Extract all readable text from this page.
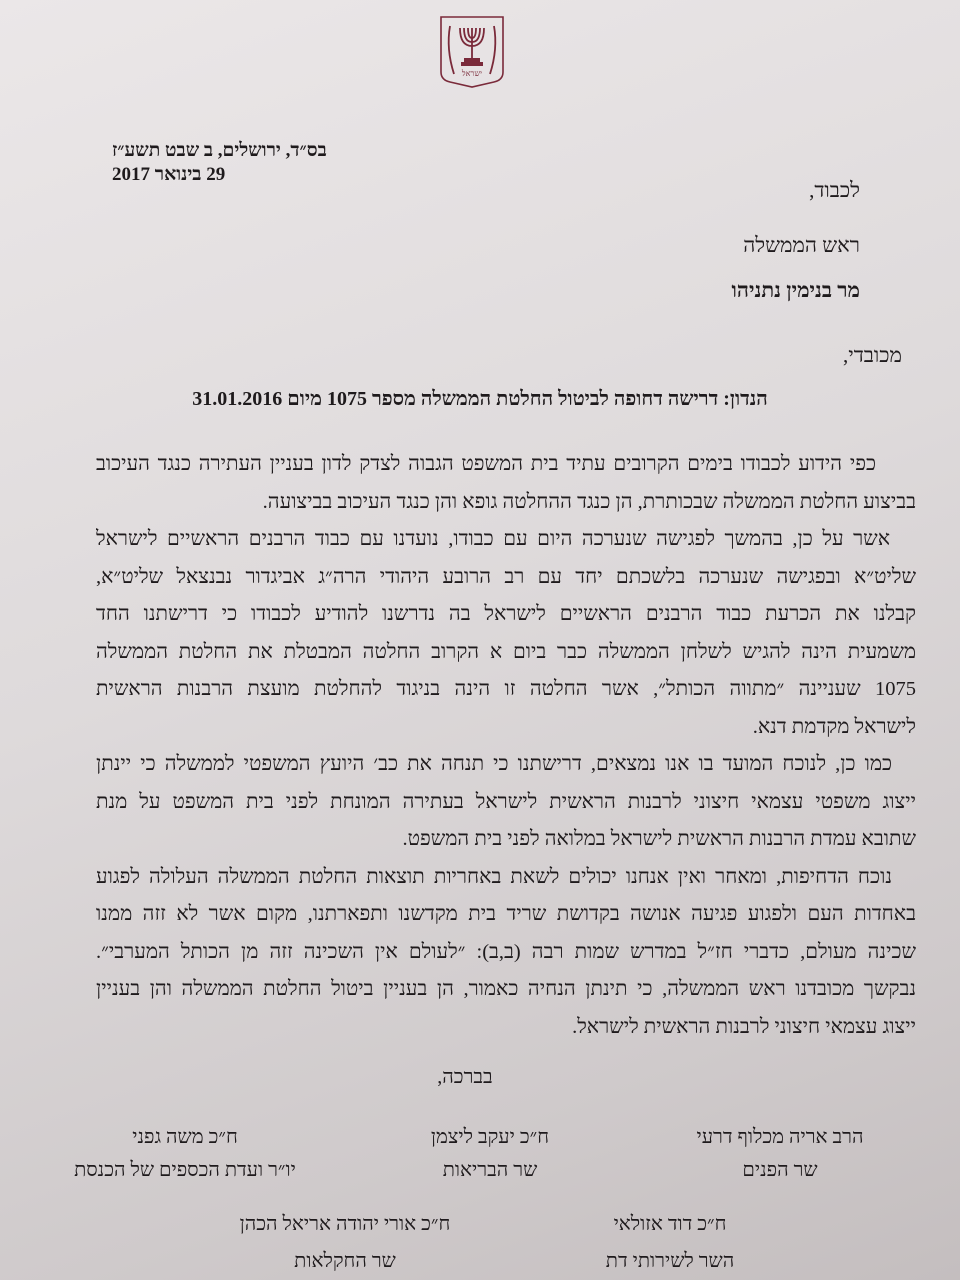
ישראל
בס״ד, ירושלים, ב שבט תשע״ז
29 בינואר 2017
לכבוד,
ראש הממשלה
מר בנימין נתניהו
מכובדי,
הנדון: דרישה דחופה לביטול החלטת הממשלה מספר 1075 מיום 31.01.2016
כפי הידוע לכבודו בימים הקרובים עתיד בית המשפט הגבוה לצדק לדון בעניין העתירה כנגד העיכוב
בביצוע החלטת הממשלה שבכותרת, הן כנגד ההחלטה גופא והן כנגד העיכוב בביצועה.
אשר על כן, בהמשך לפגישה שנערכה היום עם כבודו, נועדנו עם כבוד הרבנים הראשיים לישראל
שליט״א ובפגישה שנערכה בלשכתם יחד עם רב הרובע היהודי הרה״ג אביגדור נבנצאל שליט״א,
קבלנו את הכרעת כבוד הרבנים הראשיים לישראל בה נדרשנו להודיע לכבודו כי דרישתנו החד
משמעית הינה להגיש לשלחן הממשלה כבר ביום א הקרוב החלטה המבטלת את החלטת הממשלה
1075 שעניינה ״מתווה הכותל״, אשר החלטה זו הינה בניגוד להחלטת מועצת הרבנות הראשית
לישראל מקדמת דנא.
כמו כן, לנוכח המועד בו אנו נמצאים, דרישתנו כי תנחה את כב׳ היועץ המשפטי לממשלה כי יינתן
ייצוג משפטי עצמאי חיצוני לרבנות הראשית לישראל בעתירה המונחת לפני בית המשפט על מנת
שתובא עמדת הרבנות הראשית לישראל במלואה לפני בית המשפט.
נוכח הדחיפות, ומאחר ואין אנחנו יכולים לשאת באחריות תוצאות החלטת הממשלה העלולה לפגוע
באחדות העם ולפגוע פגיעה אנושה בקדושת שריד בית מקדשנו ותפארתנו, מקום אשר לא זזה ממנו
שכינה מעולם, כדברי חז״ל במדרש שמות רבה (ב,ב): ״לעולם אין השכינה זזה מן הכותל המערבי״.
נבקשך מכובדנו ראש הממשלה, כי תינתן הנחיה כאמור, הן בעניין ביטול החלטת הממשלה והן בעניין
ייצוג עצמאי חיצוני לרבנות הראשית לישראל.
בברכה,
הרב אריה מכלוף דרעי
שר הפנים
ח״כ יעקב ליצמן
שר הבריאות
ח״כ משה גפני
יו״ר ועדת הכספים של הכנסת
ח״כ דוד אזולאי
השר לשירותי דת
ח״כ אורי יהודה אריאל הכהן
שר החקלאות
